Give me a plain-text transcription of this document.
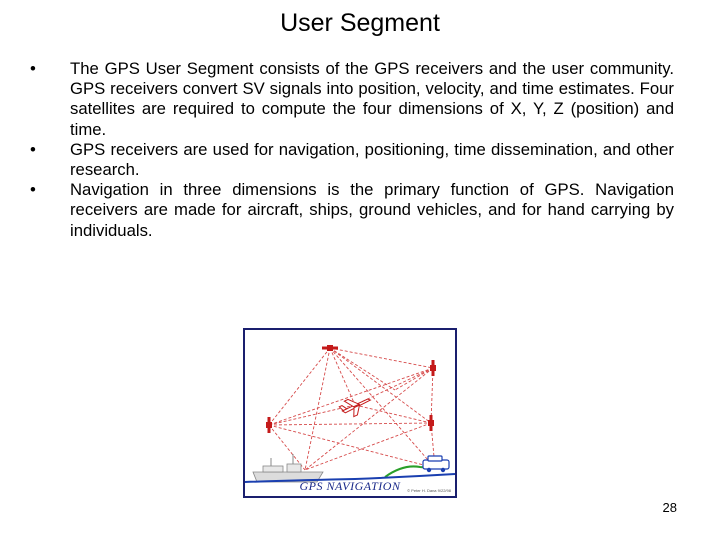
User Segment
• The GPS User Segment consists of the GPS receivers and the user community. GPS receivers convert SV signals into position, velocity, and time estimates. Four satellites are required to compute the four dimensions of X, Y, Z (position) and time.
• GPS receivers are used for navigation, positioning, time dissemination, and other research.
• Navigation in three dimensions is the primary function of GPS. Navigation receivers are made for aircraft, ships, ground vehicles, and for hand carrying by individuals.
GPS NAVIGATION	© Peter H. Dana 9/22/98
28
